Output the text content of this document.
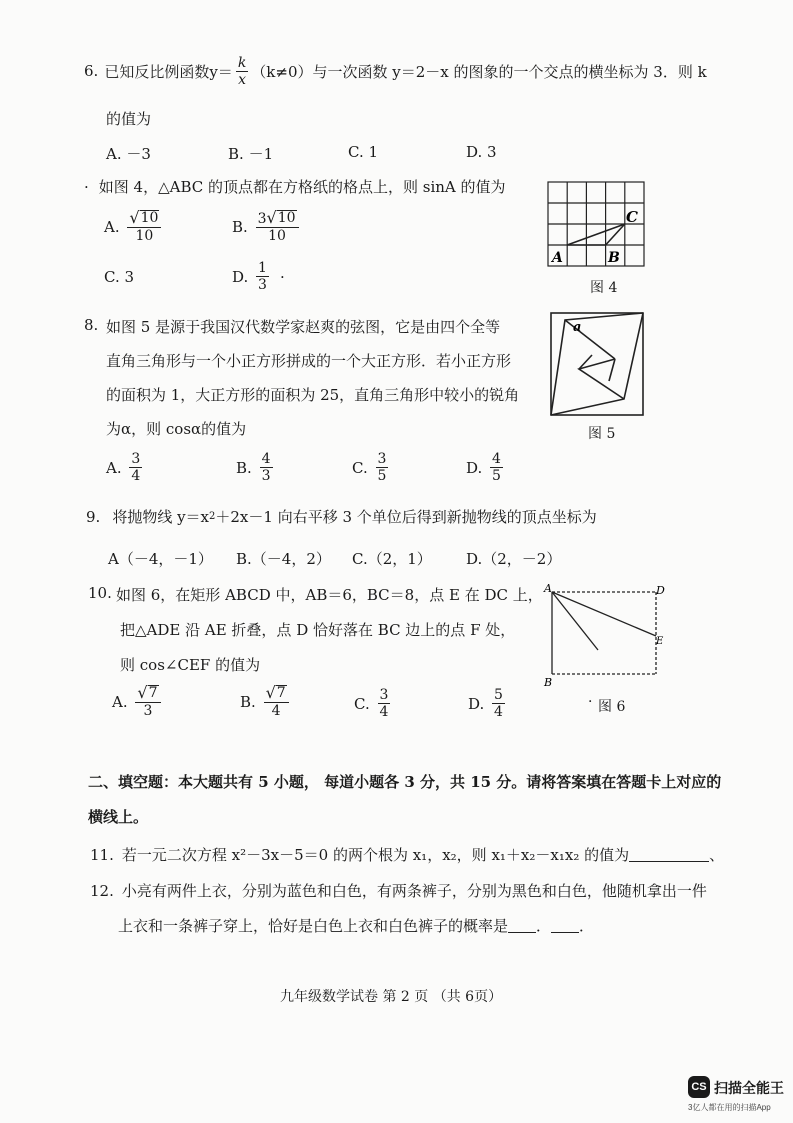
6. 已知反比例函数 $y= \frac{k}{x} (k\ne 0)$与一次函数 y＝2－x 的图象的一个交点的横坐标为 3．则 k
的值为
A.
－3	B.
－1	C.
1	D.
3
· 如图 4，△ABC 的顶点都在方格纸的格点上，则 sinA 的值为
A.
$\frac{√ 10}{10}$	B.
$\frac{3 √ 10}{10}$
C.
3	D.
$\frac{1}{3}$ ·
A	B
C
图 4
8. 如图 5 是源于我国汉代数学家赵爽的弦图，它是由四个全等
直角三角形与一个小正方形拼成的一个大正方形．若小正方形
的面积为 1，大正方形的面积为 25，直角三角形中较小的锐角
为α，则 cosα的值为
A.
$\frac{3}{4}$	B.
$\frac{4}{3}$	C.
$\frac{3}{5}$	D.
$\frac{4}{5}$
a
图 5
9. 将抛物线 y＝x 2 ＋2x－1 向右平移 3 个单位后得到新抛物线的顶点坐标为
A （－4，－1） B. （－4，2） C. （2，1） D. （2，－2）
10. 如图 6，在矩形 ABCD 中，AB＝6，BC＝8，点 E 在 DC 上，
把△ADE 沿 AE 折叠，点 D 恰好落在 BC 边上的点 F 处，
则 cos∠CEF 的值为
A.
$\frac{√ 7}{3}$	B.
$\frac{√ 7}{4}$	C.
$\frac{3}{4}$	D.
$\frac{5}{4}$
A	D
E
B
· 图 6
二、填空题：本大题共有 5 小题， 每道小题各 3 分，共 15 分。请将答案填在答题卡上对应的
横线上。
11. 若一元二次方程 x²－3x－5＝0 的两个根为 x₁，x₂，则 x₁＋x₂－x₁x₂ 的值为	、
12. 小亮有两件上衣，分别为蓝色和白色，有两条裤子，分别为黑色和白色，他随机拿出一件
上衣和一条裤子穿上，恰好是白色上衣和白色裤子的概率是 ． ．
九年级数学试卷 第 2 页 （共 6页）
CS 扫描全能王
3亿人都在用的扫描App
